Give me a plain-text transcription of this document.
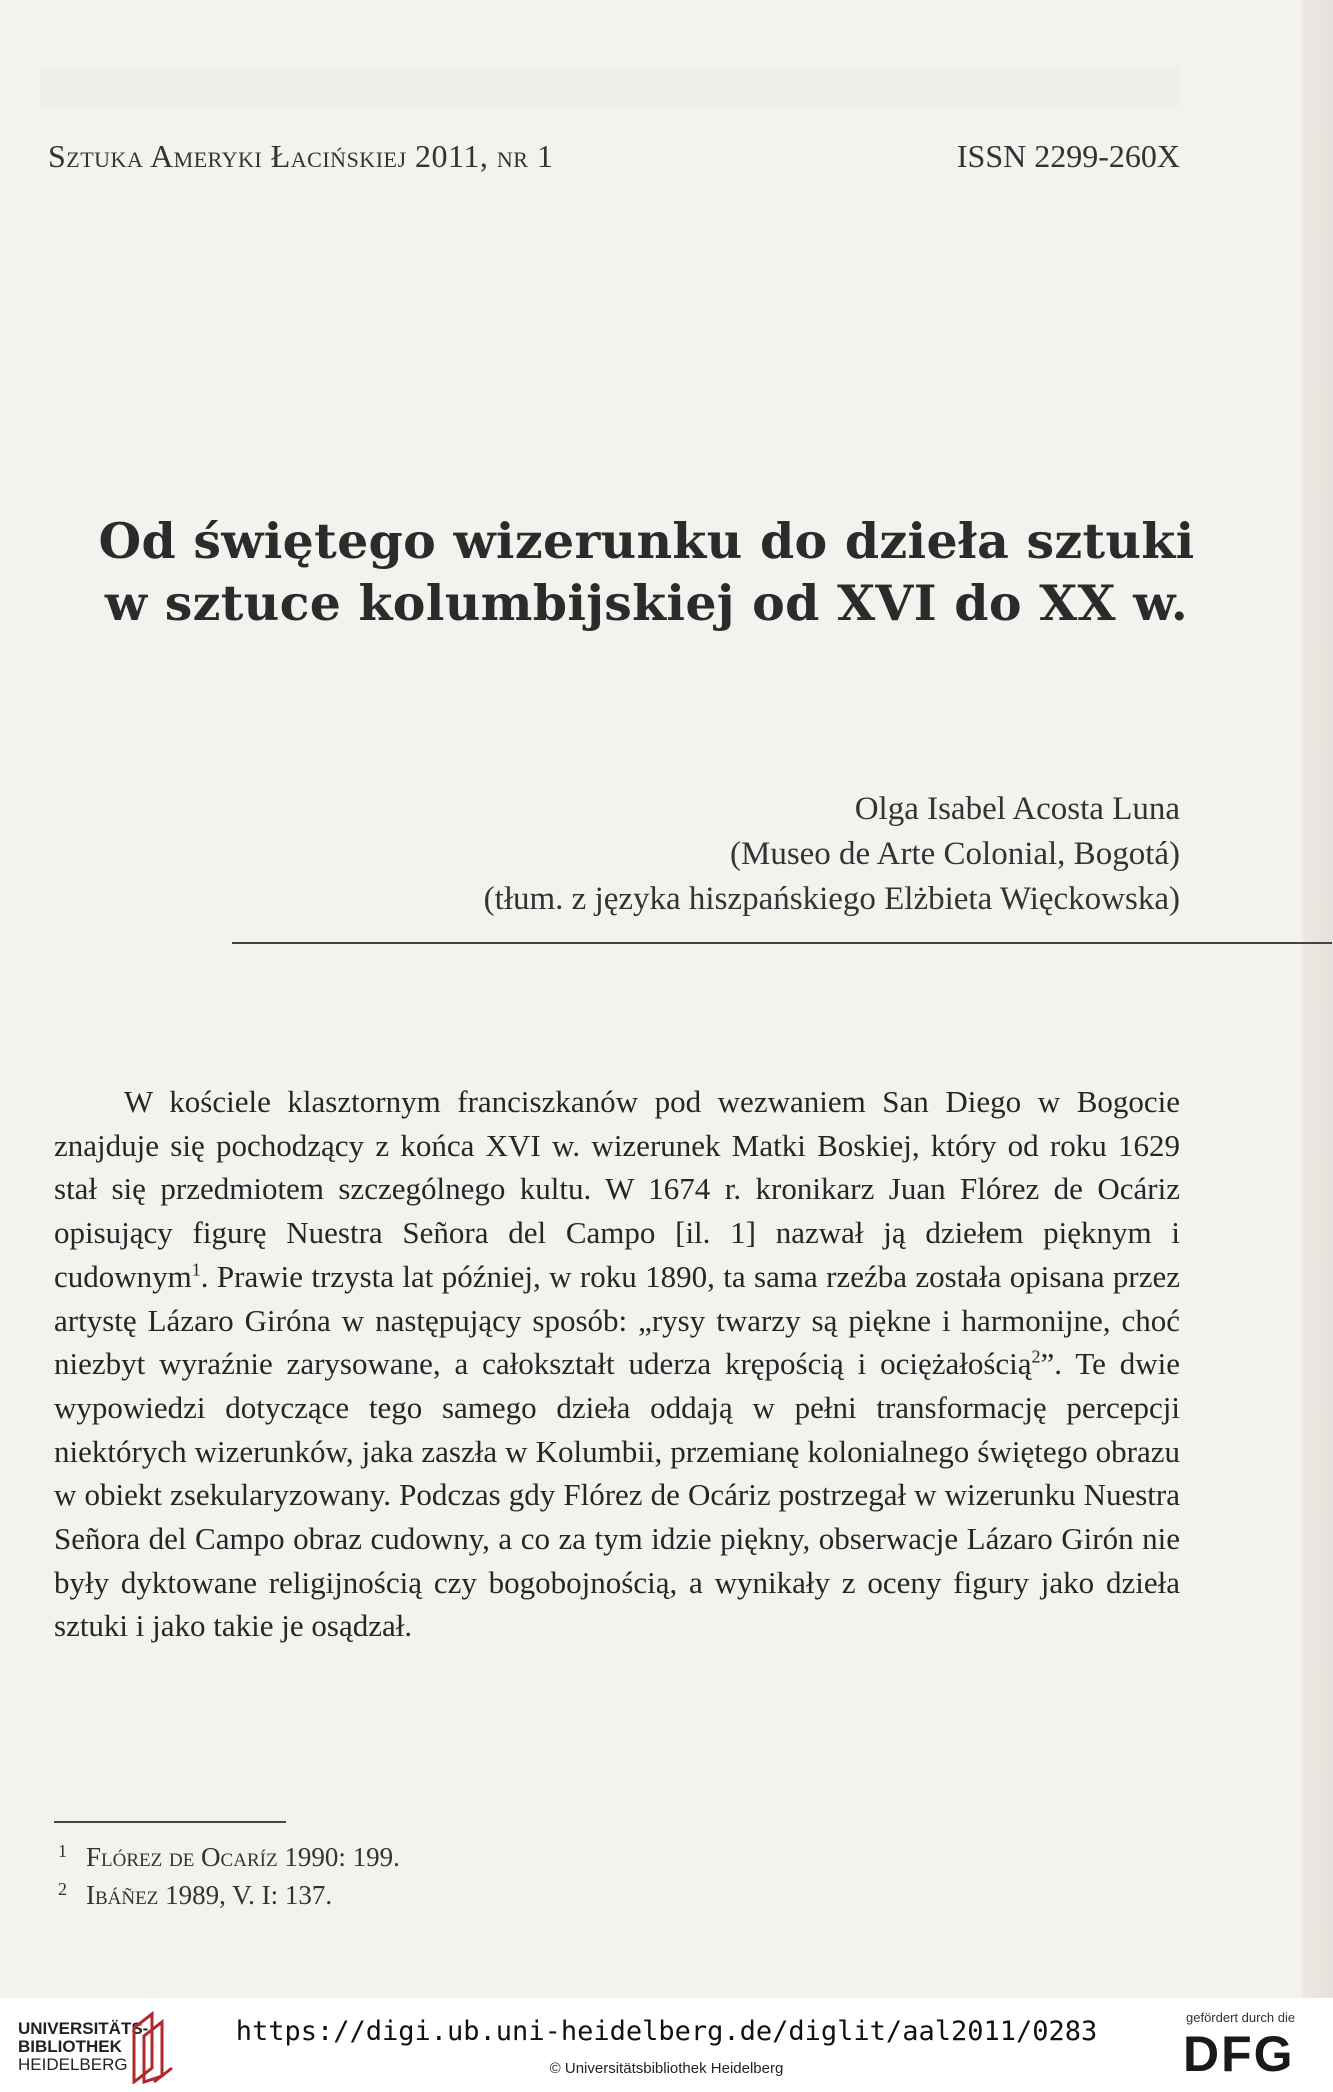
Sztuka Ameryki Łacińskiej 2011, nr 1	ISSN 2299-260X
Od świętego wizerunku do dzieła sztuki
w sztuce kolumbijskiej od XVI do XX w.
Olga Isabel Acosta Luna
(Museo de Arte Colonial, Bogotá)
(tłum. z języka hiszpańskiego Elżbieta Więckowska)

W kościele klasztornym franciszkanów pod wezwaniem San Diego w Bogocie znajduje się pochodzący z końca XVI w. wizerunek Matki Boskiej, który od roku 1629 stał się przedmiotem szczególnego kultu. W 1674 r. kronikarz Juan Flórez de Ocáriz opisujący figurę Nuestra Señora del Campo [il. 1] nazwał ją dziełem pięknym i cudownym$^1$. Prawie trzysta lat później, w roku 1890, ta sama rzeźba została opisana przez artystę Lázaro Giróna w następujący sposób: „rysy twarzy są piękne i harmonijne, choć niezbyt wyraźnie zarysowane, a całokształt uderza krępością i ociężałością$^2$”. Te dwie wypowiedzi dotyczące tego samego dzieła oddają w pełni transformację percepcji niektórych wizerunków, jaka zaszła w Kolumbii, przemianę kolonialnego świętego obrazu w obiekt zsekularyzowany. Podczas gdy Flórez de Ocáriz postrzegał w wizerunku Nuestra Señora del Campo obraz cudowny, a co za tym idzie piękny, obserwacje Lázaro Girón nie były dyktowane religijnością czy bogobojnością, a wynikały z oceny figury jako dzieła sztuki i jako takie je osądzał.

1 Flórez de Ocaríz 1990: 199.
2 Ibáñez 1989, V. I: 137.
UNIVERSITÄTS-
BIBLIOTHEK
HEIDELBERG
https://digi.ub.uni-heidelberg.de/diglit/aal2011/0283
© Universitätsbibliothek Heidelberg
gefördert durch die
DFG
